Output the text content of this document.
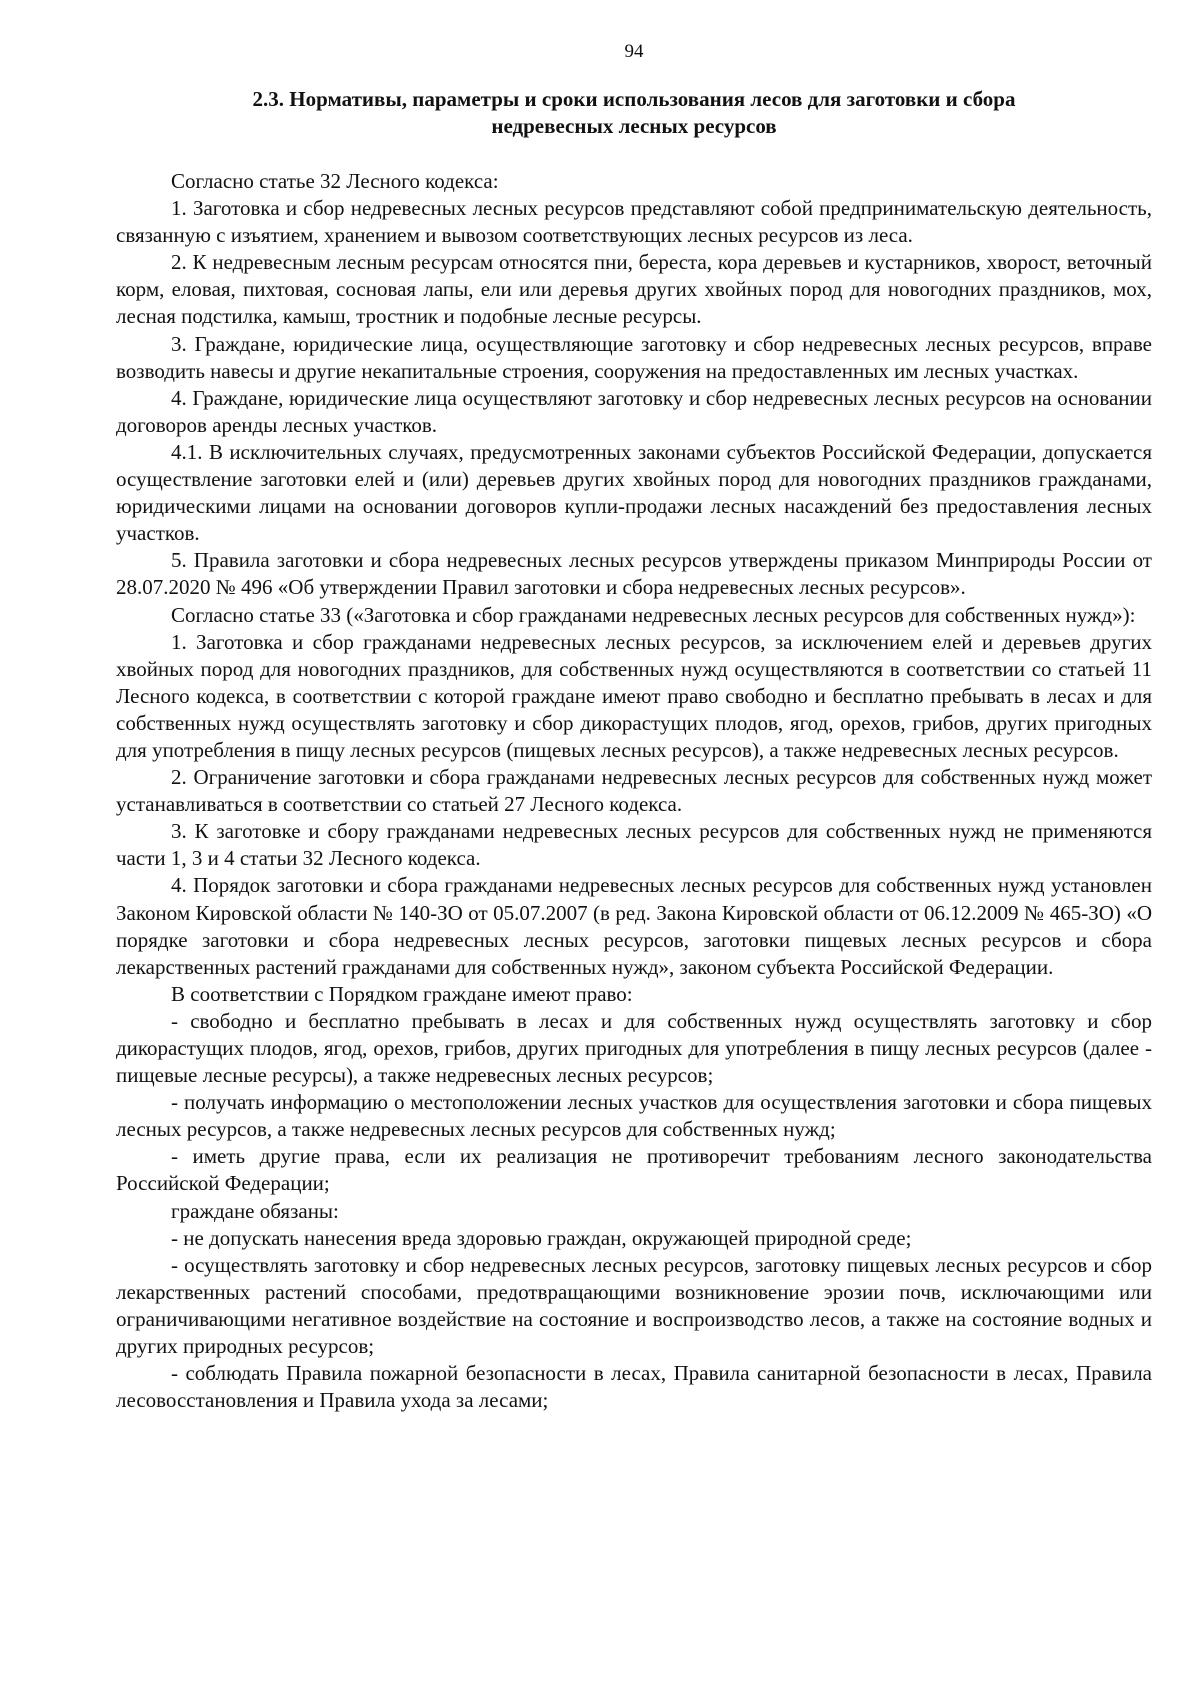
94
2.3. Нормативы, параметры и сроки использования лесов для заготовки и сбора
недревесных лесных ресурсов

Согласно статье 32 Лесного кодекса:

1. Заготовка и сбор недревесных лесных ресурсов представляют собой предпринимательскую деятельность, связанную с изъятием, хранением и вывозом соответствующих лесных ресурсов из леса.

2. К недревесным лесным ресурсам относятся пни, береста, кора деревьев и кустарников, хворост, веточный корм, еловая, пихтовая, сосновая лапы, ели или деревья других хвойных пород для новогодних праздников, мох, лесная подстилка, камыш, тростник и подобные лесные ресурсы.

3. Граждане, юридические лица, осуществляющие заготовку и сбор недревесных лесных ресурсов, вправе возводить навесы и другие некапитальные строения, сооружения на предоставленных им лесных участках.

4. Граждане, юридические лица осуществляют заготовку и сбор недревесных лесных ресурсов на основании договоров аренды лесных участков.

4.1. В исключительных случаях, предусмотренных законами субъектов Российской Федерации, допускается осуществление заготовки елей и (или) деревьев других хвойных пород для новогодних праздников гражданами, юридическими лицами на основании договоров купли-продажи лесных насаждений без предоставления лесных участков.

5. Правила заготовки и сбора недревесных лесных ресурсов утверждены приказом Минприроды России от 28.07.2020 № 496 «Об утверждении Правил заготовки и сбора недревесных лесных ресурсов».

Согласно статье 33 («Заготовка и сбор гражданами недревесных лесных ресурсов для собственных нужд»):

1. Заготовка и сбор гражданами недревесных лесных ресурсов, за исключением елей и деревьев других хвойных пород для новогодних праздников, для собственных нужд осуществляются в соответствии со статьей 11 Лесного кодекса, в соответствии с которой граждане имеют право свободно и бесплатно пребывать в лесах и для собственных нужд осуществлять заготовку и сбор дикорастущих плодов, ягод, орехов, грибов, других пригодных для употребления в пищу лесных ресурсов (пищевых лесных ресурсов), а также недревесных лесных ресурсов.

2. Ограничение заготовки и сбора гражданами недревесных лесных ресурсов для собственных нужд может устанавливаться в соответствии со статьей 27 Лесного кодекса.

3. К заготовке и сбору гражданами недревесных лесных ресурсов для собственных нужд не применяются части 1, 3 и 4 статьи 32 Лесного кодекса.

4. Порядок заготовки и сбора гражданами недревесных лесных ресурсов для собственных нужд установлен Законом Кировской области № 140-ЗО от 05.07.2007 (в ред. Закона Кировской области от 06.12.2009 № 465-ЗО) «О порядке заготовки и сбора недревесных лесных ресурсов, заготовки пищевых лесных ресурсов и сбора лекарственных растений гражданами для собственных нужд», законом субъекта Российской Федерации.

В соответствии с Порядком граждане имеют право:

- свободно и бесплатно пребывать в лесах и для собственных нужд осуществлять заготовку и сбор дикорастущих плодов, ягод, орехов, грибов, других пригодных для употребления в пищу лесных ресурсов (далее - пищевые лесные ресурсы), а также недревесных лесных ресурсов;

- получать информацию о местоположении лесных участков для осуществления заготовки и сбора пищевых лесных ресурсов, а также недревесных лесных ресурсов для собственных нужд;

- иметь другие права, если их реализация не противоречит требованиям лесного законодательства Российской Федерации;

граждане обязаны:

- не допускать нанесения вреда здоровью граждан, окружающей природной среде;

- осуществлять заготовку и сбор недревесных лесных ресурсов, заготовку пищевых лесных ресурсов и сбор лекарственных растений способами, предотвращающими возникновение эрозии почв, исключающими или ограничивающими негативное воздействие на состояние и воспроизводство лесов, а также на состояние водных и других природных ресурсов;

- соблюдать Правила пожарной безопасности в лесах, Правила санитарной безопасности в лесах, Правила лесовосстановления и Правила ухода за лесами;
